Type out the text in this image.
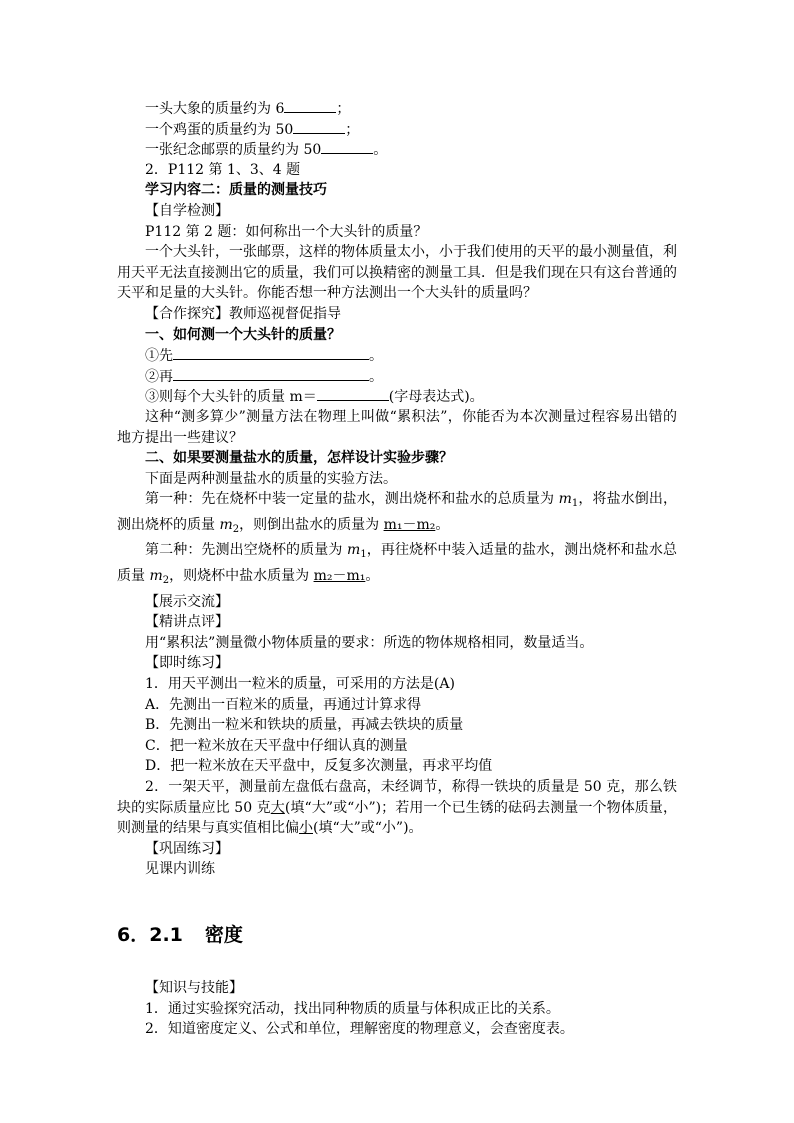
一头大象的质量约为 6	；
一个鸡蛋的质量约为 50	；
一张纪念邮票的质量约为 50	。
2．P112 第 1、3、4 题
学习内容二：质量的测量技巧
【自学检测】
P112 第 2 题：如何称出一个大头针的质量？

一个大头针，一张邮票，这样的物体质量太小，小于我们使用的天平的最小测量值，利用天平无法直接测出它的质量，我们可以换精密的测量工具．但是我们现在只有这台普通的天平和足量的大头针。你能否想一种方法测出一个大头针的质量吗？

【合作探究】教师巡视督促指导
一、如何测一个大头针的质量？
①先	。
②再	。
③则每个大头针的质量 m＝	(字母表达式)。

这种“测多算少”测量方法在物理上叫做“累积法”，你能否为本次测量过程容易出错的地方提出一些建议？

二、如果要测量盐水的质量，怎样设计实验步骤？
下面是两种测量盐水的质量的实验方法。

第一种：先在烧杯中装一定量的盐水，测出烧杯和盐水的总质量为 $m_1$，将盐水倒出，测出烧杯的质量 $m_2$，则倒出盐水的质量为 m₁－m₂。

第二种：先测出空烧杯的质量为 $m_1$，再往烧杯中装入适量的盐水，测出烧杯和盐水总质量 $m_2$，则烧杯中盐水质量为 m₂－m₁。

【展示交流】
【精讲点评】
用“累积法”测量微小物体质量的要求：所选的物体规格相同，数量适当。
【即时练习】
1．用天平测出一粒米的质量，可采用的方法是(A)
A．先测出一百粒米的质量，再通过计算求得
B．先测出一粒米和铁块的质量，再减去铁块的质量
C．把一粒米放在天平盘中仔细认真的测量
D．把一粒米放在天平盘中，反复多次测量，再求平均值

2．一架天平，测量前左盘低右盘高，未经调节，称得一铁块的质量是 50 克，那么铁块的实际质量应比 50 克大(填“大”或“小”)；若用一个已生锈的砝码去测量一个物体质量，则测量的结果与真实值相比偏小(填“大”或“小”)。

【巩固练习】
见课内训练
6．2.1 密度
【知识与技能】
1．通过实验探究活动，找出同种物质的质量与体积成正比的关系。
2．知道密度定义、公式和单位，理解密度的物理意义，会查密度表。
